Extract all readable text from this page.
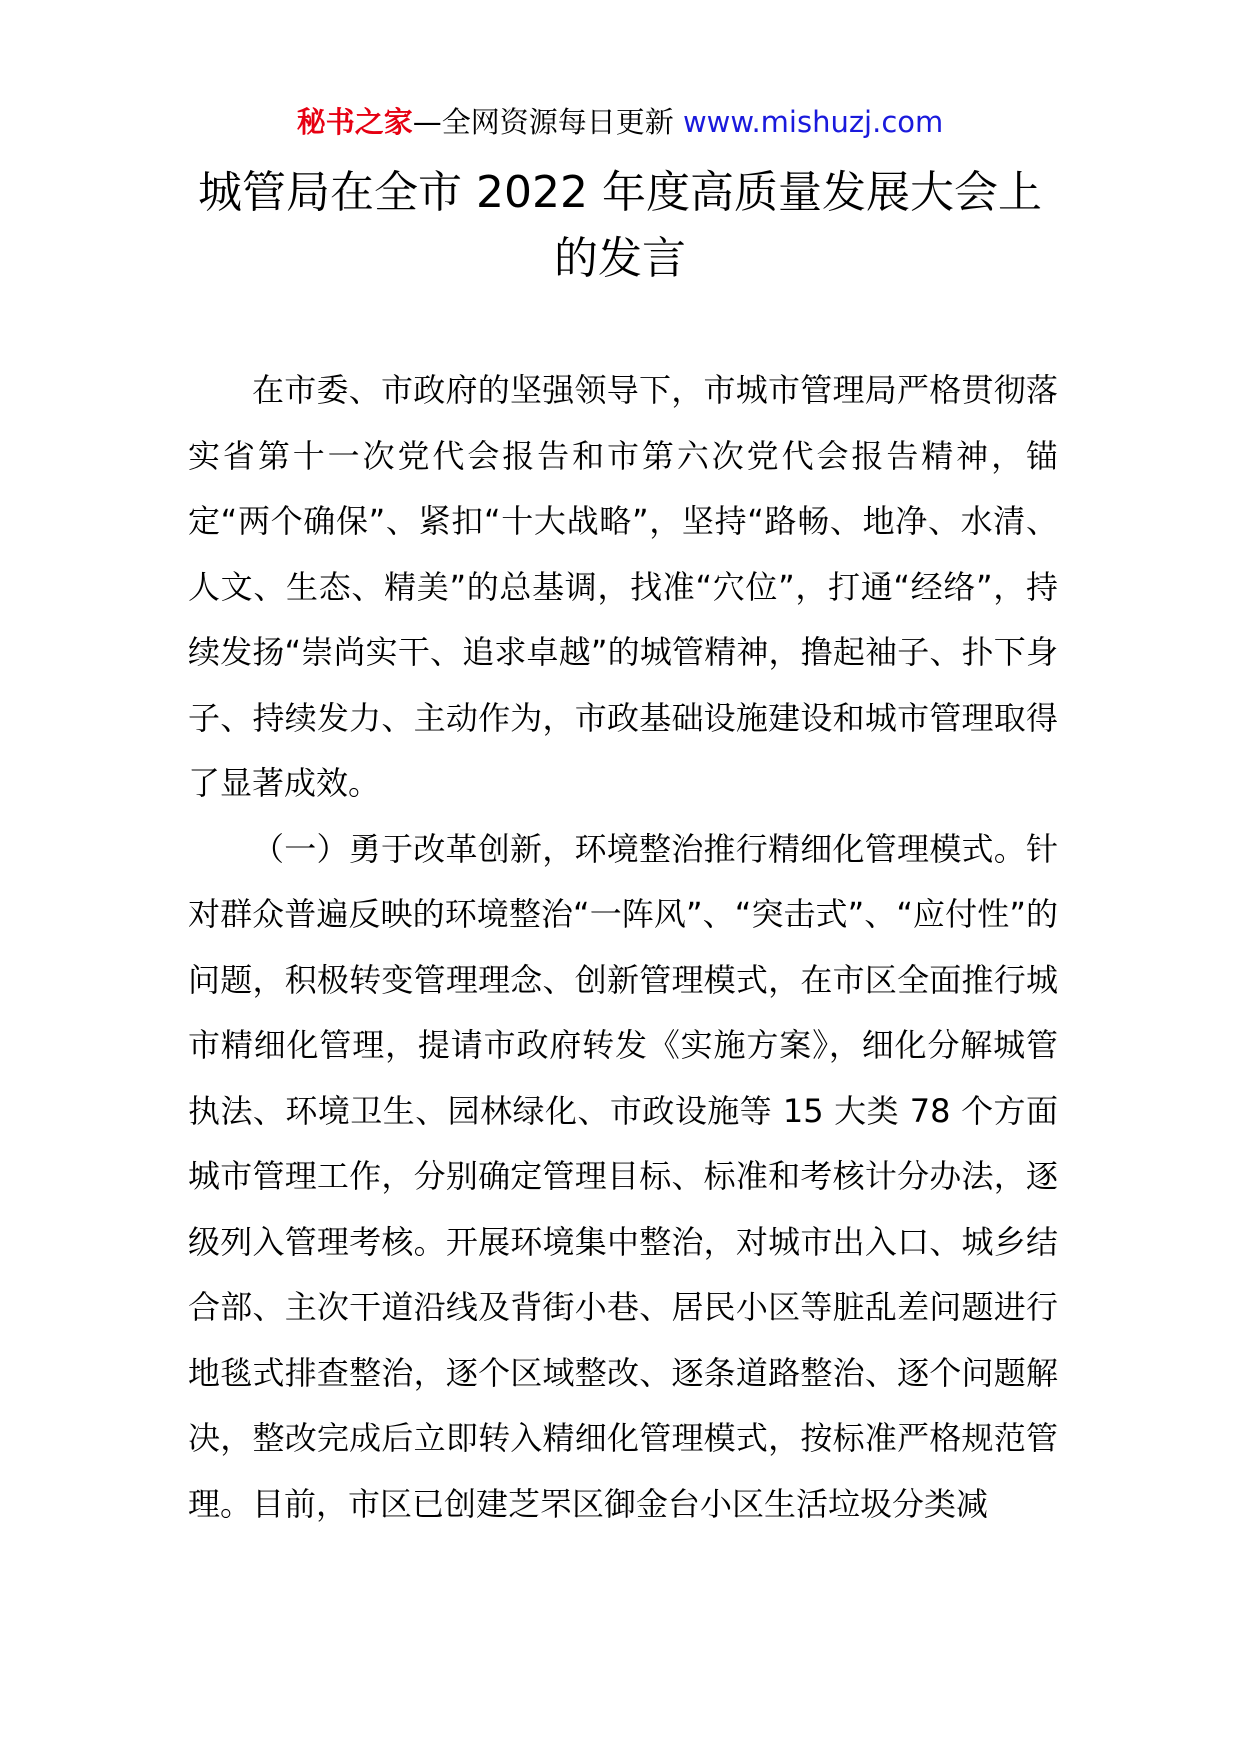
秘书之家—全网资源每日更新 www.mishuzj.com
城管局在全市 2022 年度高质量发展大会上
的发言

在市委、市政府的坚强领导下，市城市管理局严格贯彻落实省第十一次党代会报告和市第六次党代会报告精神，锚定“两个确保”、紧扣“十大战略”，坚持“路畅、地净、水清、人文、生态、精美”的总基调，找准“穴位”，打通“经络”，持续发扬“崇尚实干、追求卓越”的城管精神，撸起袖子、扑下身子、持续发力、主动作为，市政基础设施建设和城市管理取得了显著成效。

（一）勇于改革创新，环境整治推行精细化管理模式。针对群众普遍反映的环境整治“一阵风”、“突击式”、“应付性”的问题，积极转变管理理念、创新管理模式，在市区全面推行城市精细化管理，提请市政府转发《实施方案》，细化分解城管执法、环境卫生、园林绿化、市政设施等 15 大类 78 个方面城市管理工作，分别确定管理目标、标准和考核计分办法，逐级列入管理考核。开展环境集中整治，对城市出入口、城乡结合部、主次干道沿线及背街小巷、居民小区等脏乱差问题进行地毯式排查整治，逐个区域整改、逐条道路整治、逐个问题解决，整改完成后立即转入精细化管理模式，按标准严格规范管理。目前，市区已创建芝罘区御金台小区生活垃圾分类减
